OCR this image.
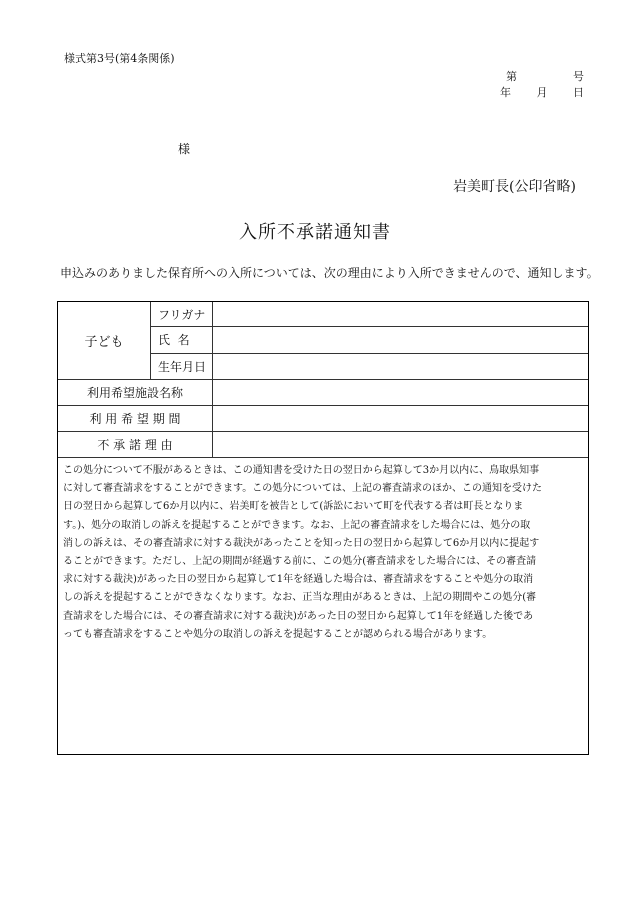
様式第3号(第4条関係)
第	号
年 月 日
様
岩美町長(公印省略)
入所不承諾通知書
申込みのありました保育所への入所については、次の理由により入所できませんので、通知します。
子ども
フリガナ
氏  名
生年月日
利用希望施設名称
利 用 希 望 期 間
不 承 諾 理 由
この処分について不服があるときは、この通知書を受けた日の翌日から起算して3か月以内に、鳥取県知事
に対して審査請求をすることができます。この処分については、上記の審査請求のほか、この通知を受けた
日の翌日から起算して6か月以内に、岩美町を被告として(訴訟において町を代表する者は町長となりま
す。)、処分の取消しの訴えを提起することができます。なお、上記の審査請求をした場合には、処分の取
消しの訴えは、その審査請求に対する裁決があったことを知った日の翌日から起算して6か月以内に提起す
ることができます。ただし、上記の期間が経過する前に、この処分(審査請求をした場合には、その審査請
求に対する裁決)があった日の翌日から起算して1年を経過した場合は、審査請求をすることや処分の取消
しの訴えを提起することができなくなります。なお、正当な理由があるときは、上記の期間やこの処分(審
査請求をした場合には、その審査請求に対する裁決)があった日の翌日から起算して1年を経過した後であ
っても審査請求をすることや処分の取消しの訴えを提起することが認められる場合があります。
